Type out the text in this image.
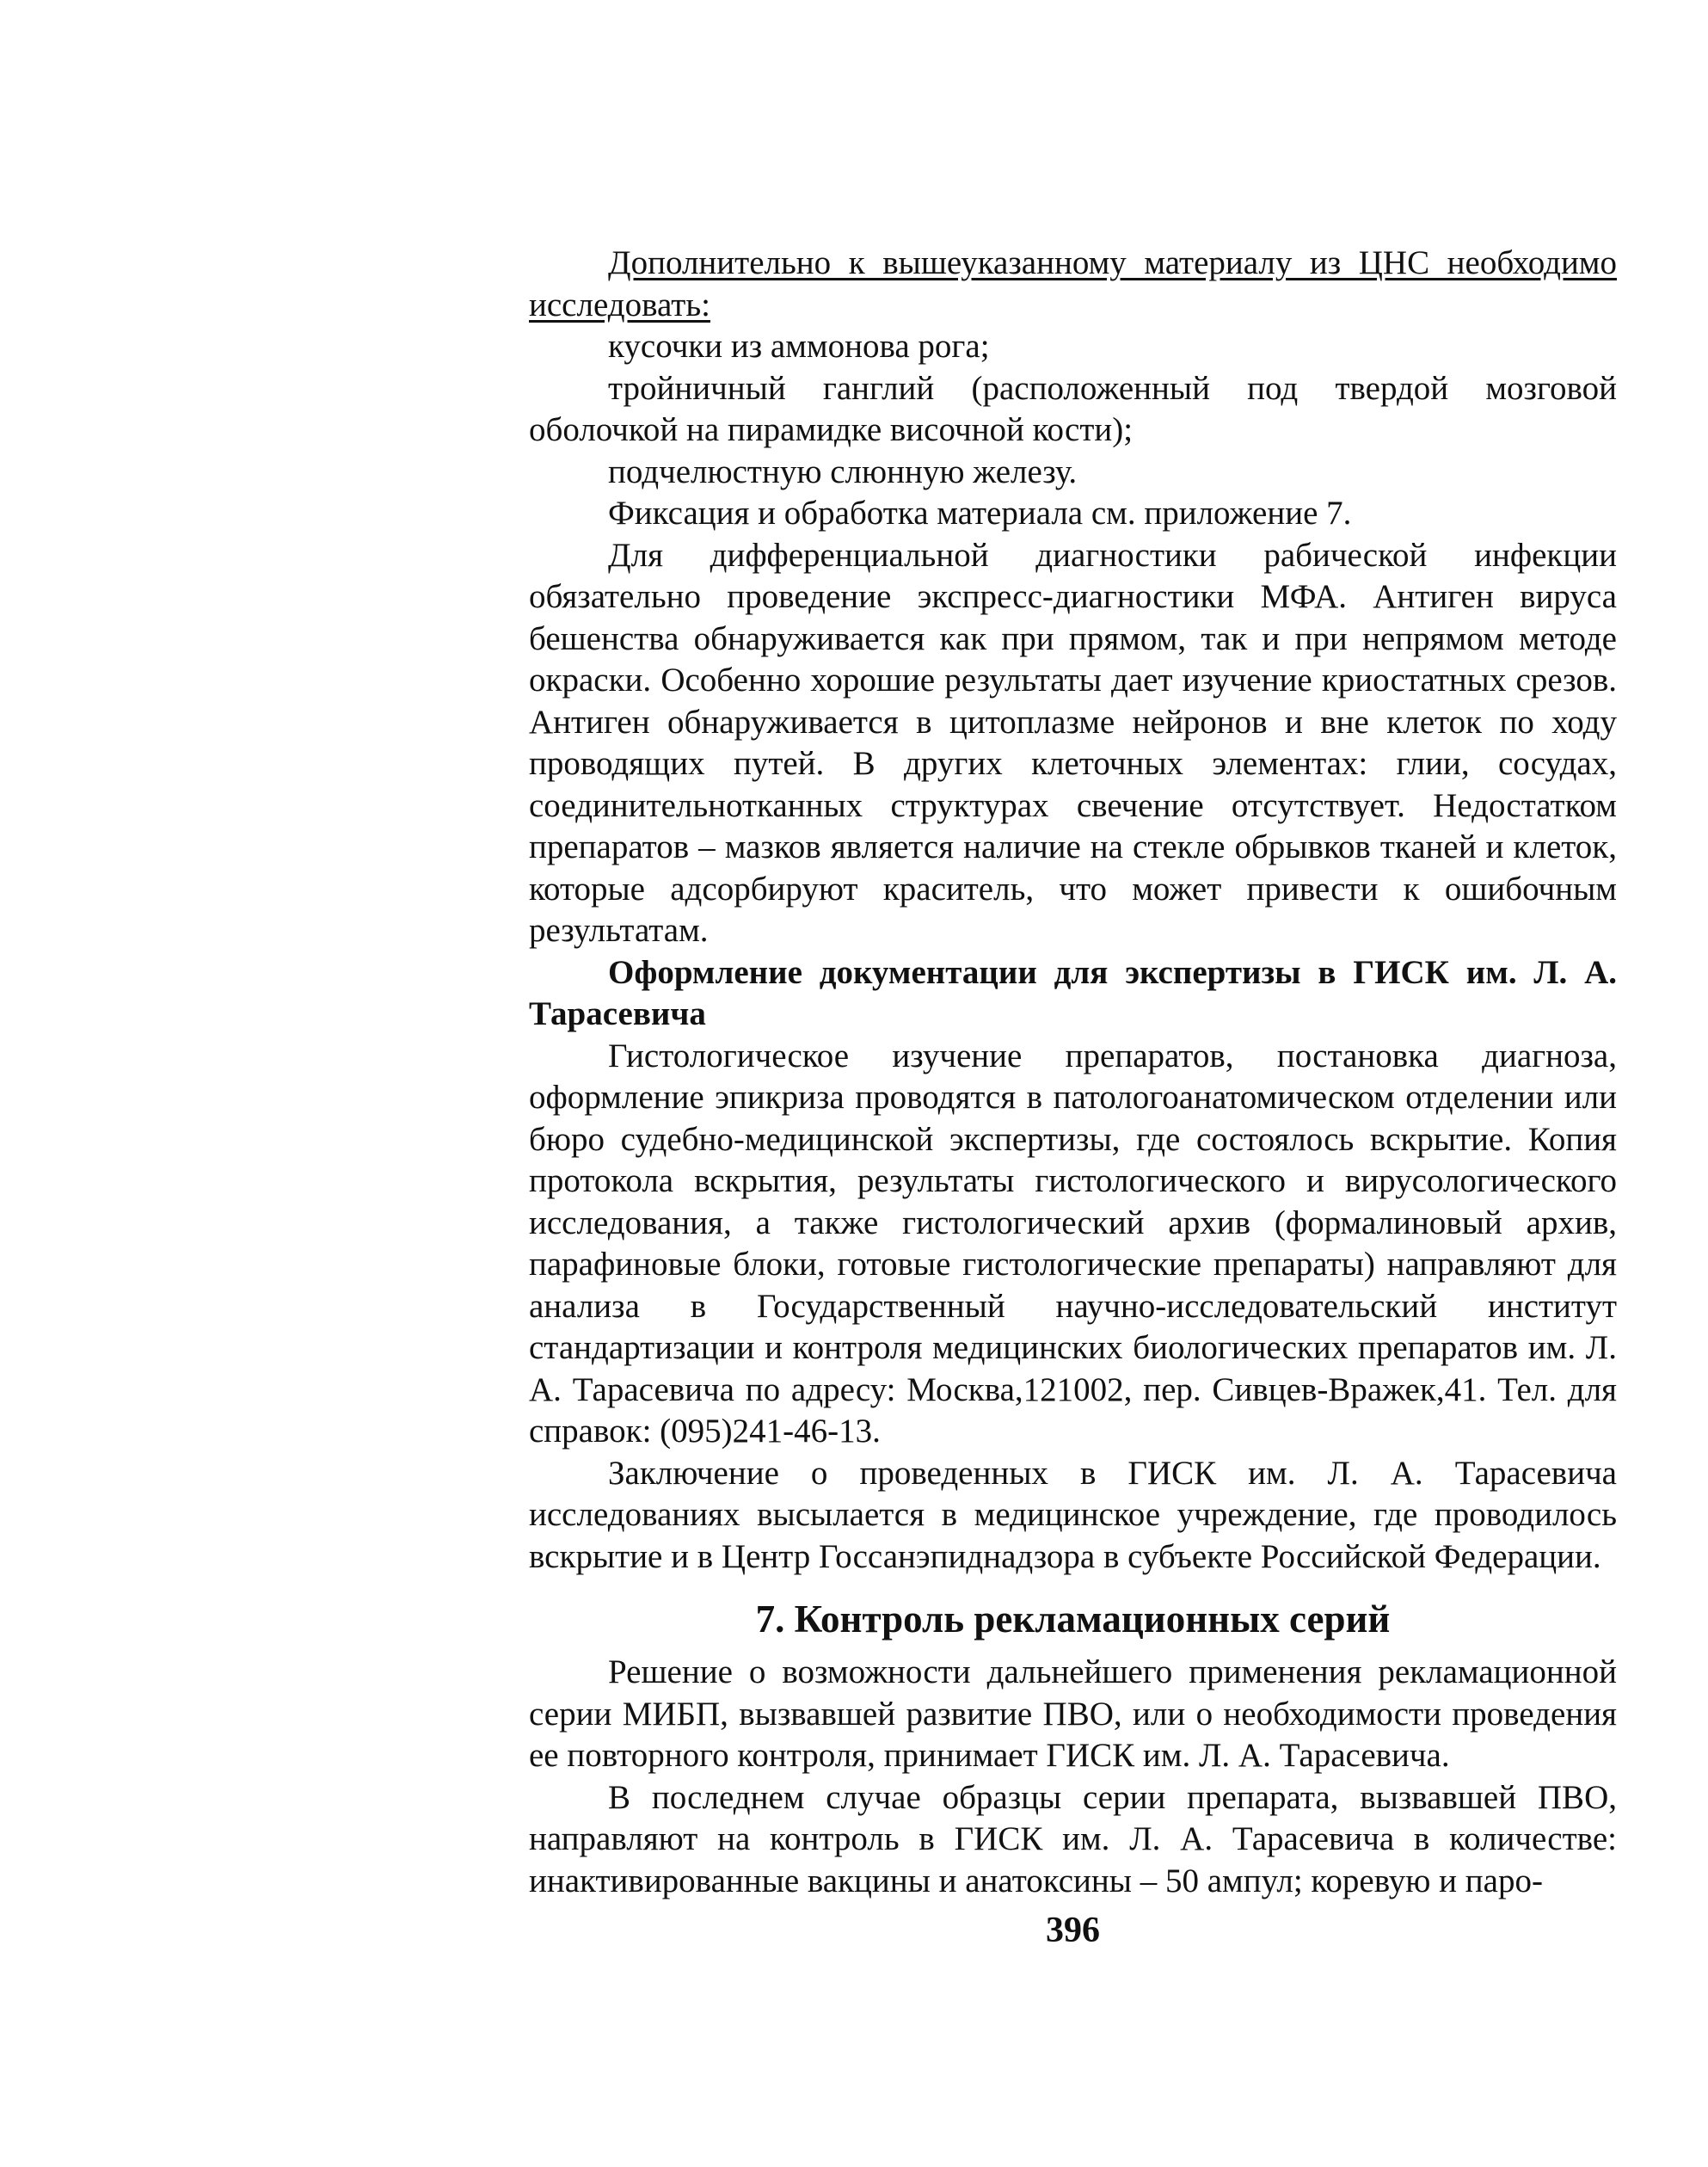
Дополнительно к вышеуказанному материалу из ЦНС необходимо исследовать:

кусочки из аммонова рога;

тройничный ганглий (расположенный под твердой мозговой оболочкой на пирамидке височной кости);

подчелюстную слюнную железу.

Фиксация и обработка материала см. приложение 7.

Для дифференциальной диагностики рабической инфекции обязательно проведение экспресс-диагностики МФА. Антиген вируса бешенства обнаруживается как при прямом, так и при непрямом методе окраски. Особенно хорошие результаты дает изучение криостатных срезов. Антиген обнаруживается в цитоплазме нейронов и вне клеток по ходу проводящих путей. В других клеточных элементах: глии, сосудах, соединительнотканных структурах свечение отсутствует. Недостатком препаратов – мазков является наличие на стекле обрывков тканей и клеток, которые адсорбируют краситель, что может привести к ошибочным результатам.

Оформление документации для экспертизы в ГИСК им. Л. А. Тарасевича

Гистологическое изучение препаратов, постановка диагноза, оформление эпикриза проводятся в патологоанатомическом отделении или бюро судебно-медицинской экспертизы, где состоялось вскрытие. Копия протокола вскрытия, результаты гистологического и вирусологического исследования, а также гистологический архив (формалиновый архив, парафиновые блоки, готовые гистологические препараты) направляют для анализа в Государственный научно-исследовательский институт стандартизации и контроля медицинских биологических препаратов им. Л. А. Тарасевича по адресу: Москва,121002, пер. Сивцев-Вражек,41. Тел. для справок: (095)241-46-13.

Заключение о проведенных в ГИСК им. Л. А. Тарасевича исследованиях высылается в медицинское учреждение, где проводилось вскрытие и в Центр Госсанэпиднадзора в субъекте Российской Федерации.

7. Контроль рекламационных серий

Решение о возможности дальнейшего применения рекламационной серии МИБП, вызвавшей развитие ПВО, или о необходимости проведения ее повторного контроля, принимает ГИСК им. Л. А. Тарасевича.

В последнем случае образцы серии препарата, вызвавшей ПВО, направляют на контроль в ГИСК им. Л. А. Тарасевича в количестве: инактивированные вакцины и анатоксины – 50 ампул; коревую и паро-

396
